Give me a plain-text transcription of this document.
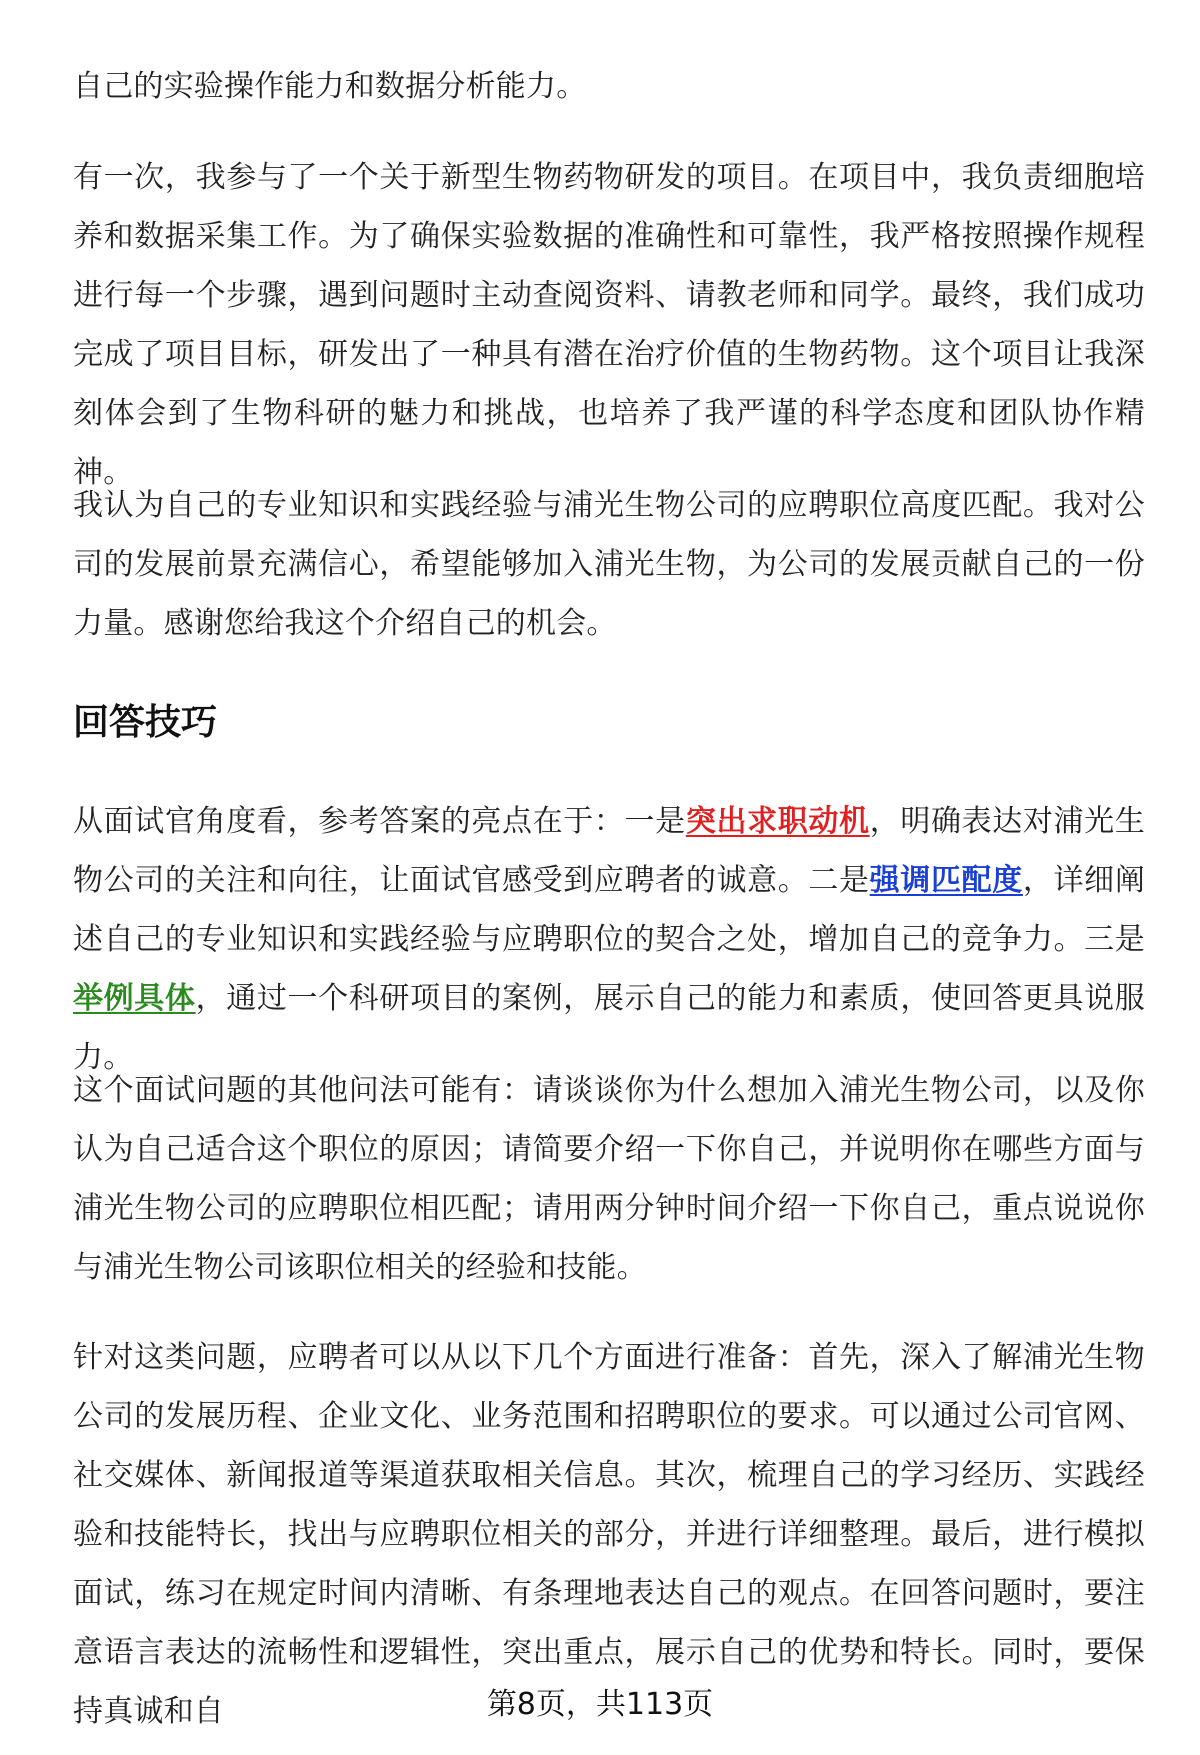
自己的实验操作能力和数据分析能力。

有一次，我参与了一个关于新型生物药物研发的项目。在项目中，我负责细胞培养和数据采集工作。为了确保实验数据的准确性和可靠性，我严格按照操作规程进行每一个步骤，遇到问题时主动查阅资料、请教老师和同学。最终，我们成功完成了项目目标，研发出了一种具有潜在治疗价值的生物药物。这个项目让我深刻体会到了生物科研的魅力和挑战，也培养了我严谨的科学态度和团队协作精神。

我认为自己的专业知识和实践经验与浦光生物公司的应聘职位高度匹配。我对公司的发展前景充满信心，希望能够加入浦光生物，为公司的发展贡献自己的一份力量。感谢您给我这个介绍自己的机会。

回答技巧

从面试官角度看，参考答案的亮点在于：一是突出求职动机，明确表达对浦光生物公司的关注和向往，让面试官感受到应聘者的诚意。二是强调匹配度，详细阐述自己的专业知识和实践经验与应聘职位的契合之处，增加自己的竞争力。三是举例具体，通过一个科研项目的案例，展示自己的能力和素质，使回答更具说服力。

这个面试问题的其他问法可能有：请谈谈你为什么想加入浦光生物公司，以及你认为自己适合这个职位的原因；请简要介绍一下你自己，并说明你在哪些方面与浦光生物公司的应聘职位相匹配；请用两分钟时间介绍一下你自己，重点说说你与浦光生物公司该职位相关的经验和技能。

针对这类问题，应聘者可以从以下几个方面进行准备：首先，深入了解浦光生物公司的发展历程、企业文化、业务范围和招聘职位的要求。可以通过公司官网、社交媒体、新闻报道等渠道获取相关信息。其次，梳理自己的学习经历、实践经验和技能特长，找出与应聘职位相关的部分，并进行详细整理。最后，进行模拟面试，练习在规定时间内清晰、有条理地表达自己的观点。在回答问题时，要注意语言表达的流畅性和逻辑性，突出重点，展示自己的优势和特长。同时，要保持真诚和自	第8页，共113页
